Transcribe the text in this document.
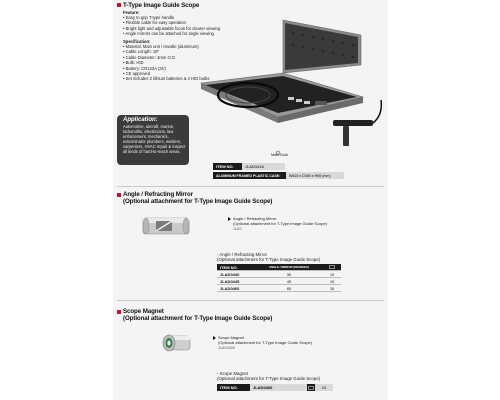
T-Type Image Guide Scope
Feature:
• Easy to grip T-type handle
• Flexible cable for easy operation
• Bright light and adjustable focus for clearer viewing
• Angle mirrors can be attached for angle viewing
Specification:
• Material: Main unit / Handle (aluminum)
• Cable Length: 18"
• Cable Diameter: 4mm O.D.
• Bulb: HID
• Battery: CR123A (3V)
• CE approved
• Set includes 2 lithium batteries & 4 HID bulbs
Application:
Automotive, aircraft, marine, locksmiths, electricians, law enforcement, mechanics, exterminator plumbers, welders, carpenters, HVAC repair & inspect all kinds of hard-to-reach areas.
Main Bulb
ITEM NO.	JLAD3418
ALUMINUM FRAMED PLASTIC CASE:	W420 x D350 x H95 (mm)
Angle / Refracting Mirror
(Optional attachment for T-Type Image Guide Scope)
Angle / Refracting Mirror
(Optional attachment for T-Type Image Guide Scope)
JLAS
- Angle / Refracting Mirror
(Optional attachment for T-Type Image Guide Scope)
ITEM NO.	ANGLE / MIRROR (DEGREES)	
JLAD0430	30	10
JLAD0445	45	10
JLAD0460	60	10
Scope Magnet
(Optional attachment for T-Type Image Guide Scope)
Scope Magnet
(Optional attachment for T-Type Image Guide Scope)
JLAD0406
- Scope Magnet
(Optional attachment for T-Type Image Guide Scope)
ITEM NO.	JLAD0406	10
